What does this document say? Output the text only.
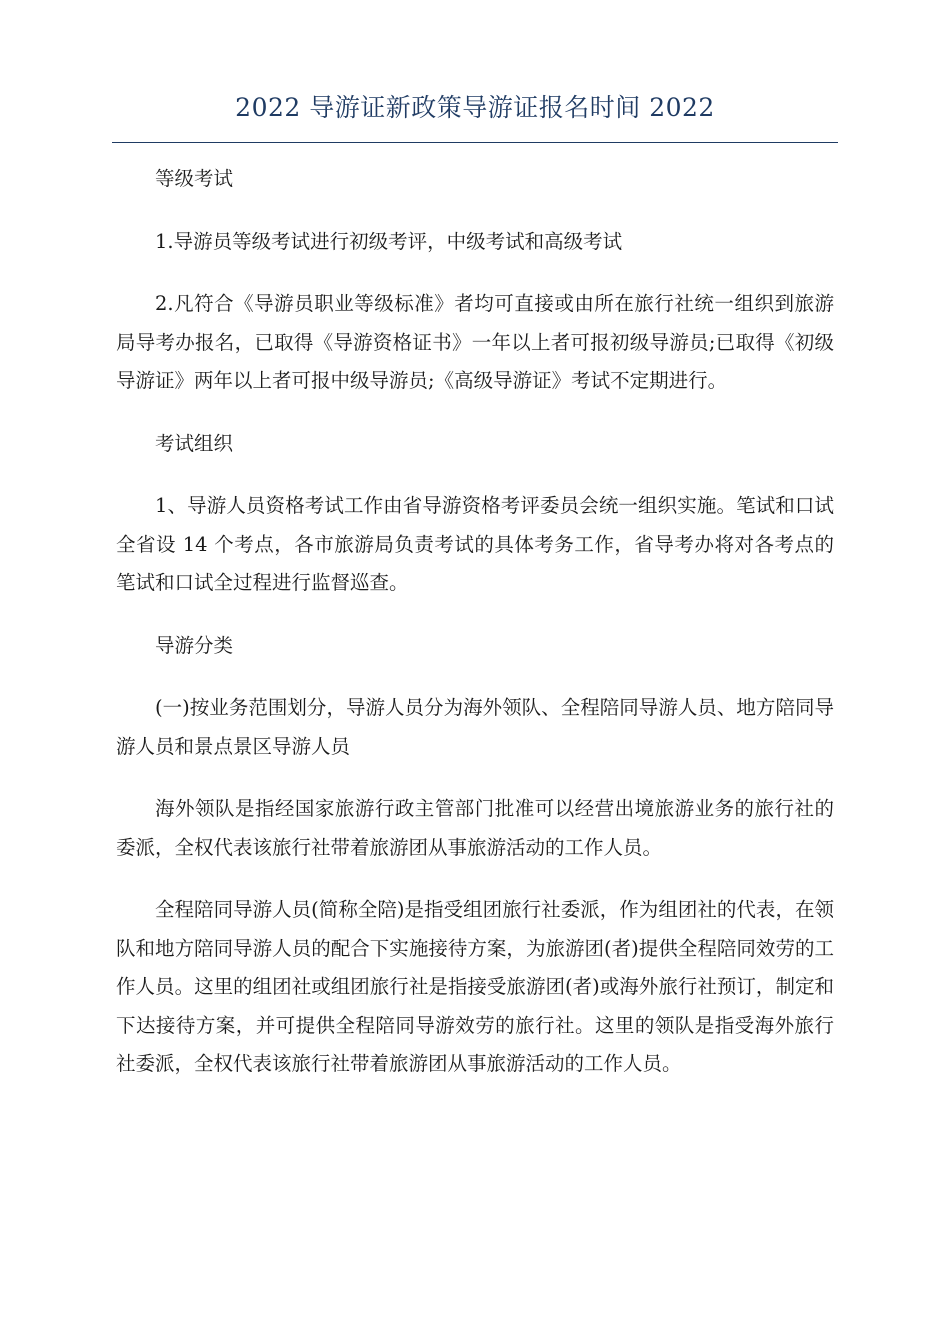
2022 导游证新政策导游证报名时间 2022

等级考试

1.导游员等级考试进行初级考评，中级考试和高级考试

2.凡符合《导游员职业等级标准》者均可直接或由所在旅行社统一组织到旅游局导考办报名，已取得《导游资格证书》一年以上者可报初级导游员;已取得《初级导游证》两年以上者可报中级导游员;《高级导游证》考试不定期进行。

考试组织

1、导游人员资格考试工作由省导游资格考评委员会统一组织实施。笔试和口试全省设 14 个考点，各市旅游局负责考试的具体考务工作，省导考办将对各考点的笔试和口试全过程进行监督巡查。

导游分类

(一)按业务范围划分，导游人员分为海外领队、全程陪同导游人员、地方陪同导游人员和景点景区导游人员

海外领队是指经国家旅游行政主管部门批准可以经营出境旅游业务的旅行社的委派，全权代表该旅行社带着旅游团从事旅游活动的工作人员。

全程陪同导游人员(简称全陪)是指受组团旅行社委派，作为组团社的代表，在领队和地方陪同导游人员的配合下实施接待方案，为旅游团(者)提供全程陪同效劳的工作人员。这里的组团社或组团旅行社是指接受旅游团(者)或海外旅行社预订，制定和下达接待方案，并可提供全程陪同导游效劳的旅行社。这里的领队是指受海外旅行社委派，全权代表该旅行社带着旅游团从事旅游活动的工作人员。
